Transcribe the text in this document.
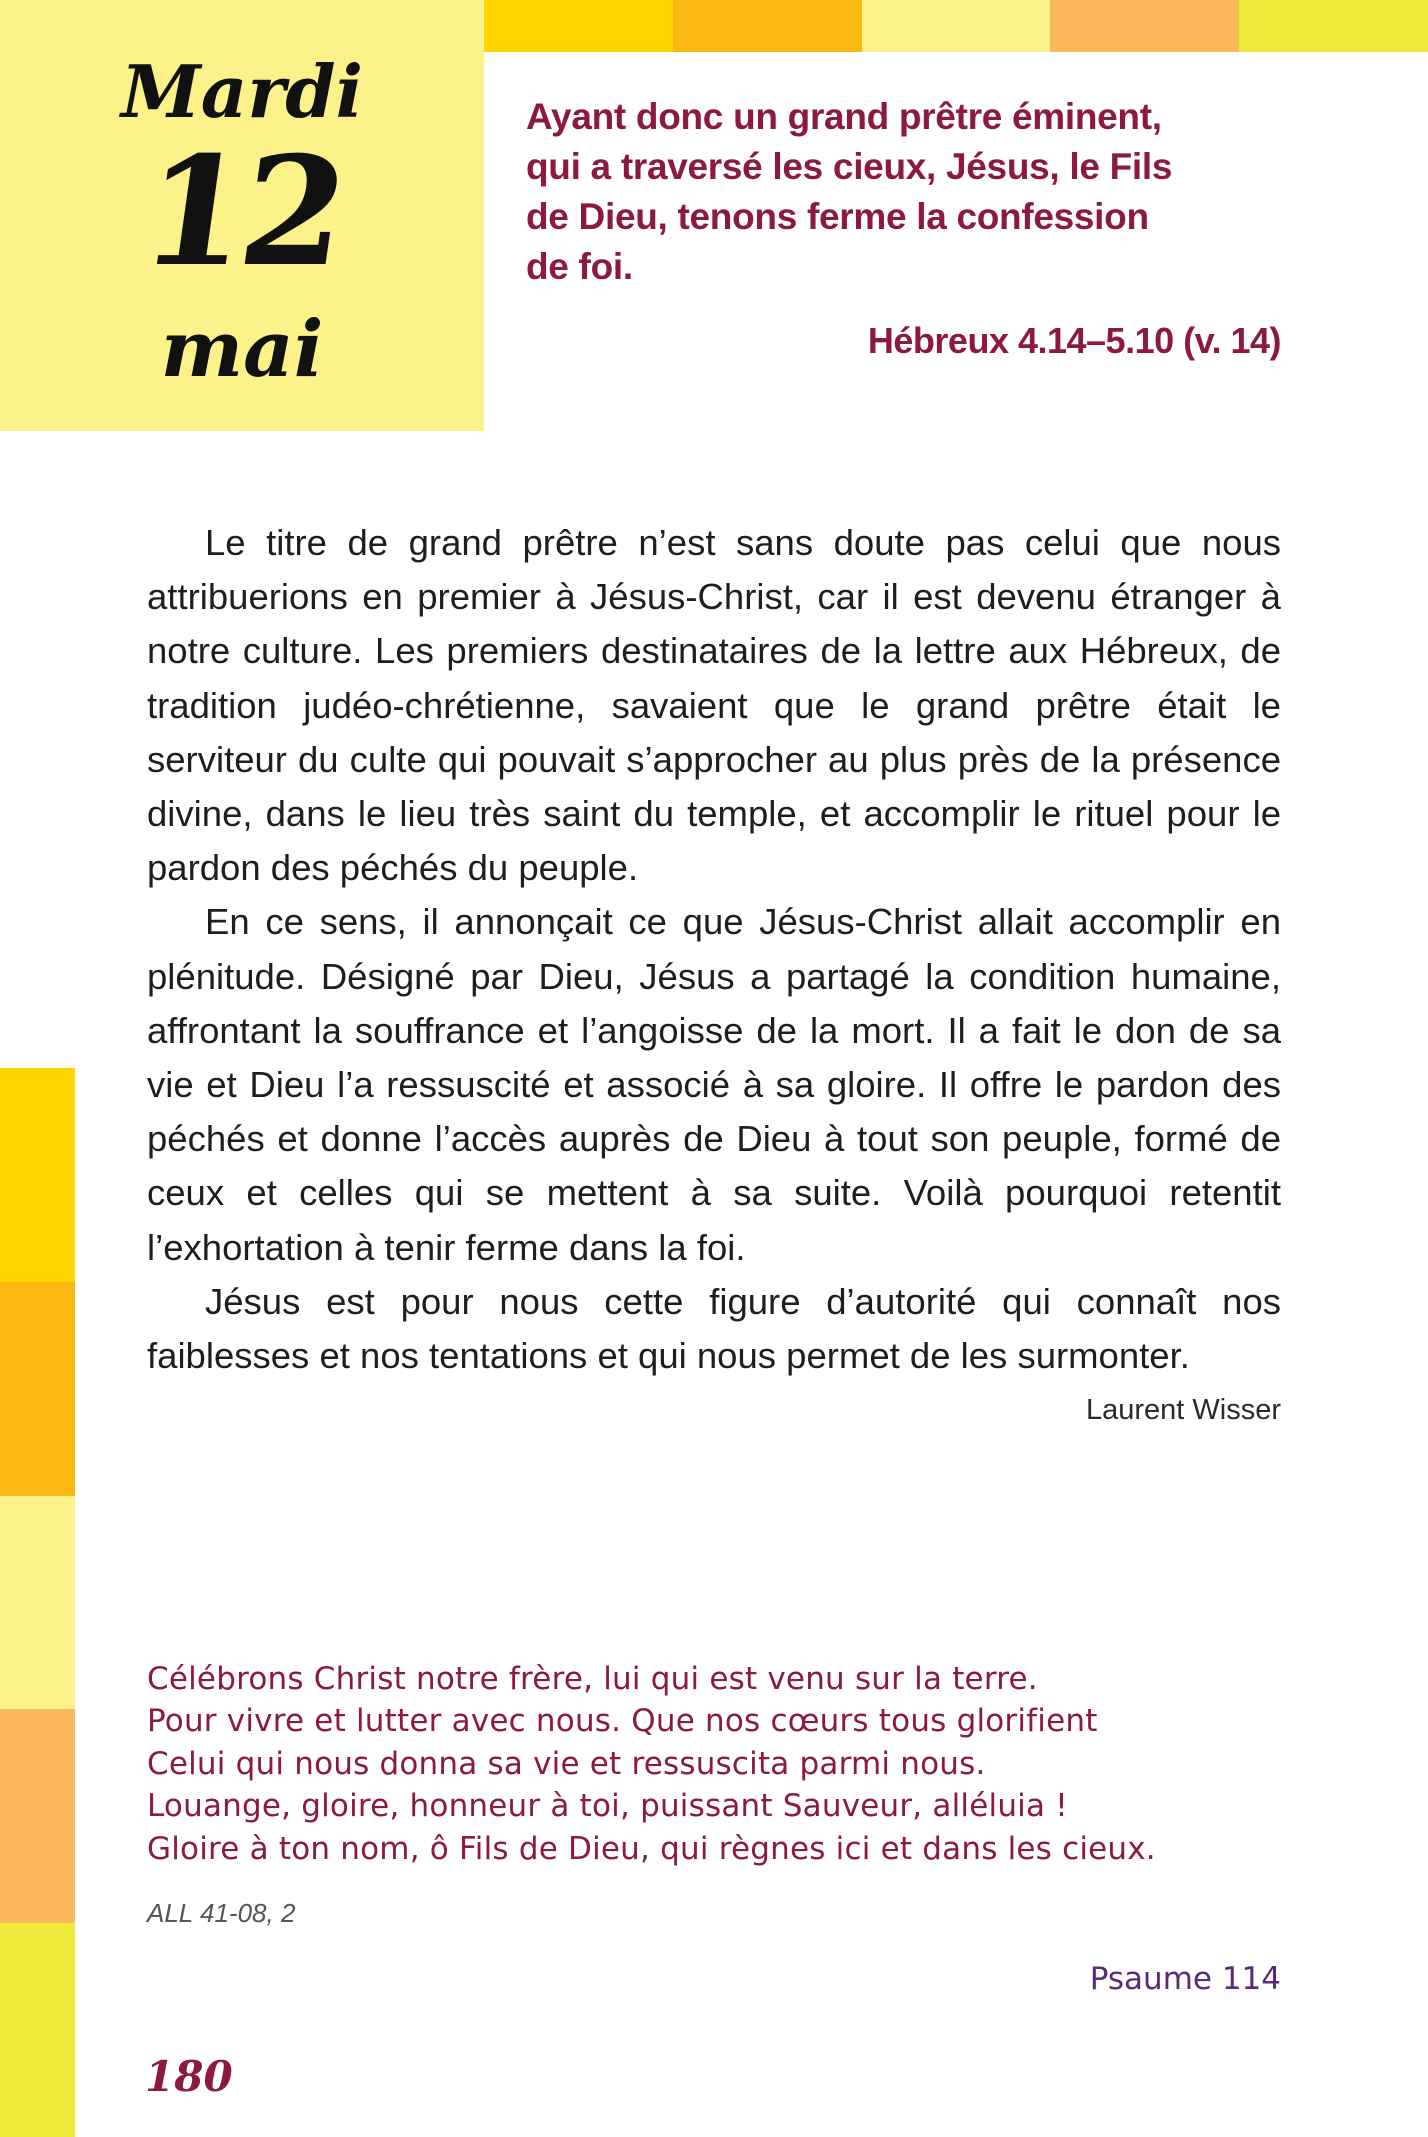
Mardi
12
mai
Ayant donc un grand prêtre éminent,
qui a traversé les cieux, Jésus, le Fils
de Dieu, tenons ferme la confession
de foi.
Hébreux 4.14–5.10 (v. 14)

Le titre de grand prêtre n’est sans doute pas celui que nous attribuerions en premier à Jésus-Christ, car il est devenu étranger à notre culture. Les premiers destinataires de la lettre aux Hébreux, de tradition judéo-chrétienne, savaient que le grand prêtre était le serviteur du culte qui pouvait s’approcher au plus près de la présence divine, dans le lieu très saint du temple, et accomplir le rituel pour le pardon des péchés du peuple.

En ce sens, il annonçait ce que Jésus-Christ allait accomplir en plénitude. Désigné par Dieu, Jésus a partagé la condition humaine, affrontant la souffrance et l’angoisse de la mort. Il a fait le don de sa vie et Dieu l’a ressuscité et associé à sa gloire. Il offre le pardon des péchés et donne l’accès auprès de Dieu à tout son peuple, formé de ceux et celles qui se mettent à sa suite. Voilà pourquoi retentit l’exhortation à tenir ferme dans la foi.

Jésus est pour nous cette figure d’autorité qui connaît nos faiblesses et nos tentations et qui nous permet de les surmonter.

Laurent Wisser
Célébrons Christ notre frère, lui qui est venu sur la terre.
Pour vivre et lutter avec nous. Que nos cœurs tous glorifient
Celui qui nous donna sa vie et ressuscita parmi nous.
Louange, gloire, honneur à toi, puissant Sauveur, alléluia !
Gloire à ton nom, ô Fils de Dieu, qui règnes ici et dans les cieux.
ALL 41-08, 2
Psaume 114
180
